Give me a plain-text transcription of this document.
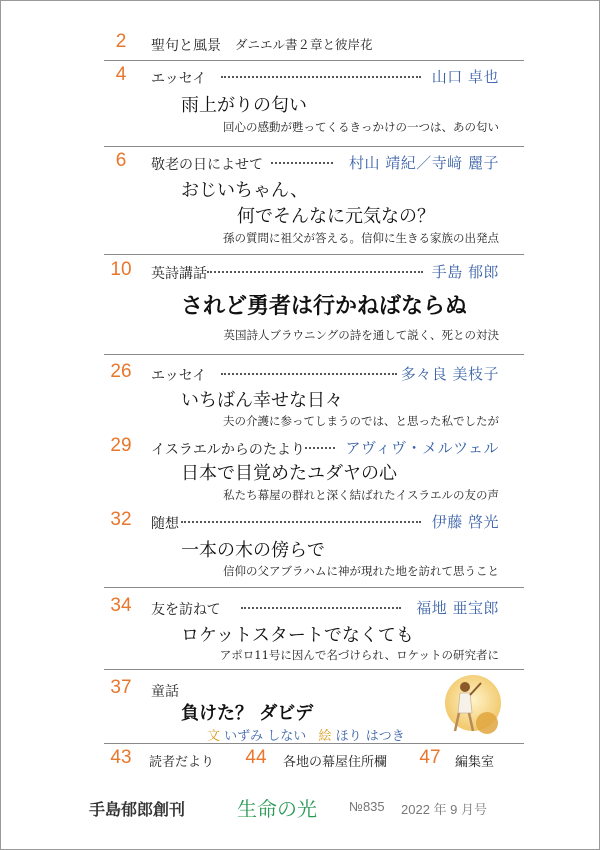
2	聖句と風景 ダニエル書２章と彼岸花
4	エッセイ	山口 卓也
雨上がりの匂い
回心の感動が甦ってくるきっかけの一つは、あの匂い
6	敬老の日によせて	村山 靖紀／寺﨑 麗子
おじいちゃん、
何でそんなに元気なの？
孫の質問に祖父が答える。信仰に生きる家族の出発点
10	英詩講話	手島 郁郎
されど勇者は行かねばならぬ
英国詩人ブラウニングの詩を通して説く、死との対決
26	エッセイ	多々良 美枝子
いちばん幸せな日々
夫の介護に参ってしまうのでは、と思った私でしたが
29	イスラエルからのたより	アヴィヴ・メルツェル
日本で目覚めたユダヤの心
私たち幕屋の群れと深く結ばれたイスラエルの友の声
32	随想	伊藤 啓光
一本の木の傍らで
信仰の父アブラハムに神が現れた地を訪れて思うこと
34	友を訪ねて	福地 亜宝郎
ロケットスタートでなくても
アポロ11号に因んで名づけられ、ロケットの研究者に
37	童話
負けた？ ダビデ
文 いずみ しない 絵 ほり はつき
43	読者だより	44	各地の幕屋住所欄	47	編集室
手島郁郎創刊	生命の光 №835 2022 年 9 月号
